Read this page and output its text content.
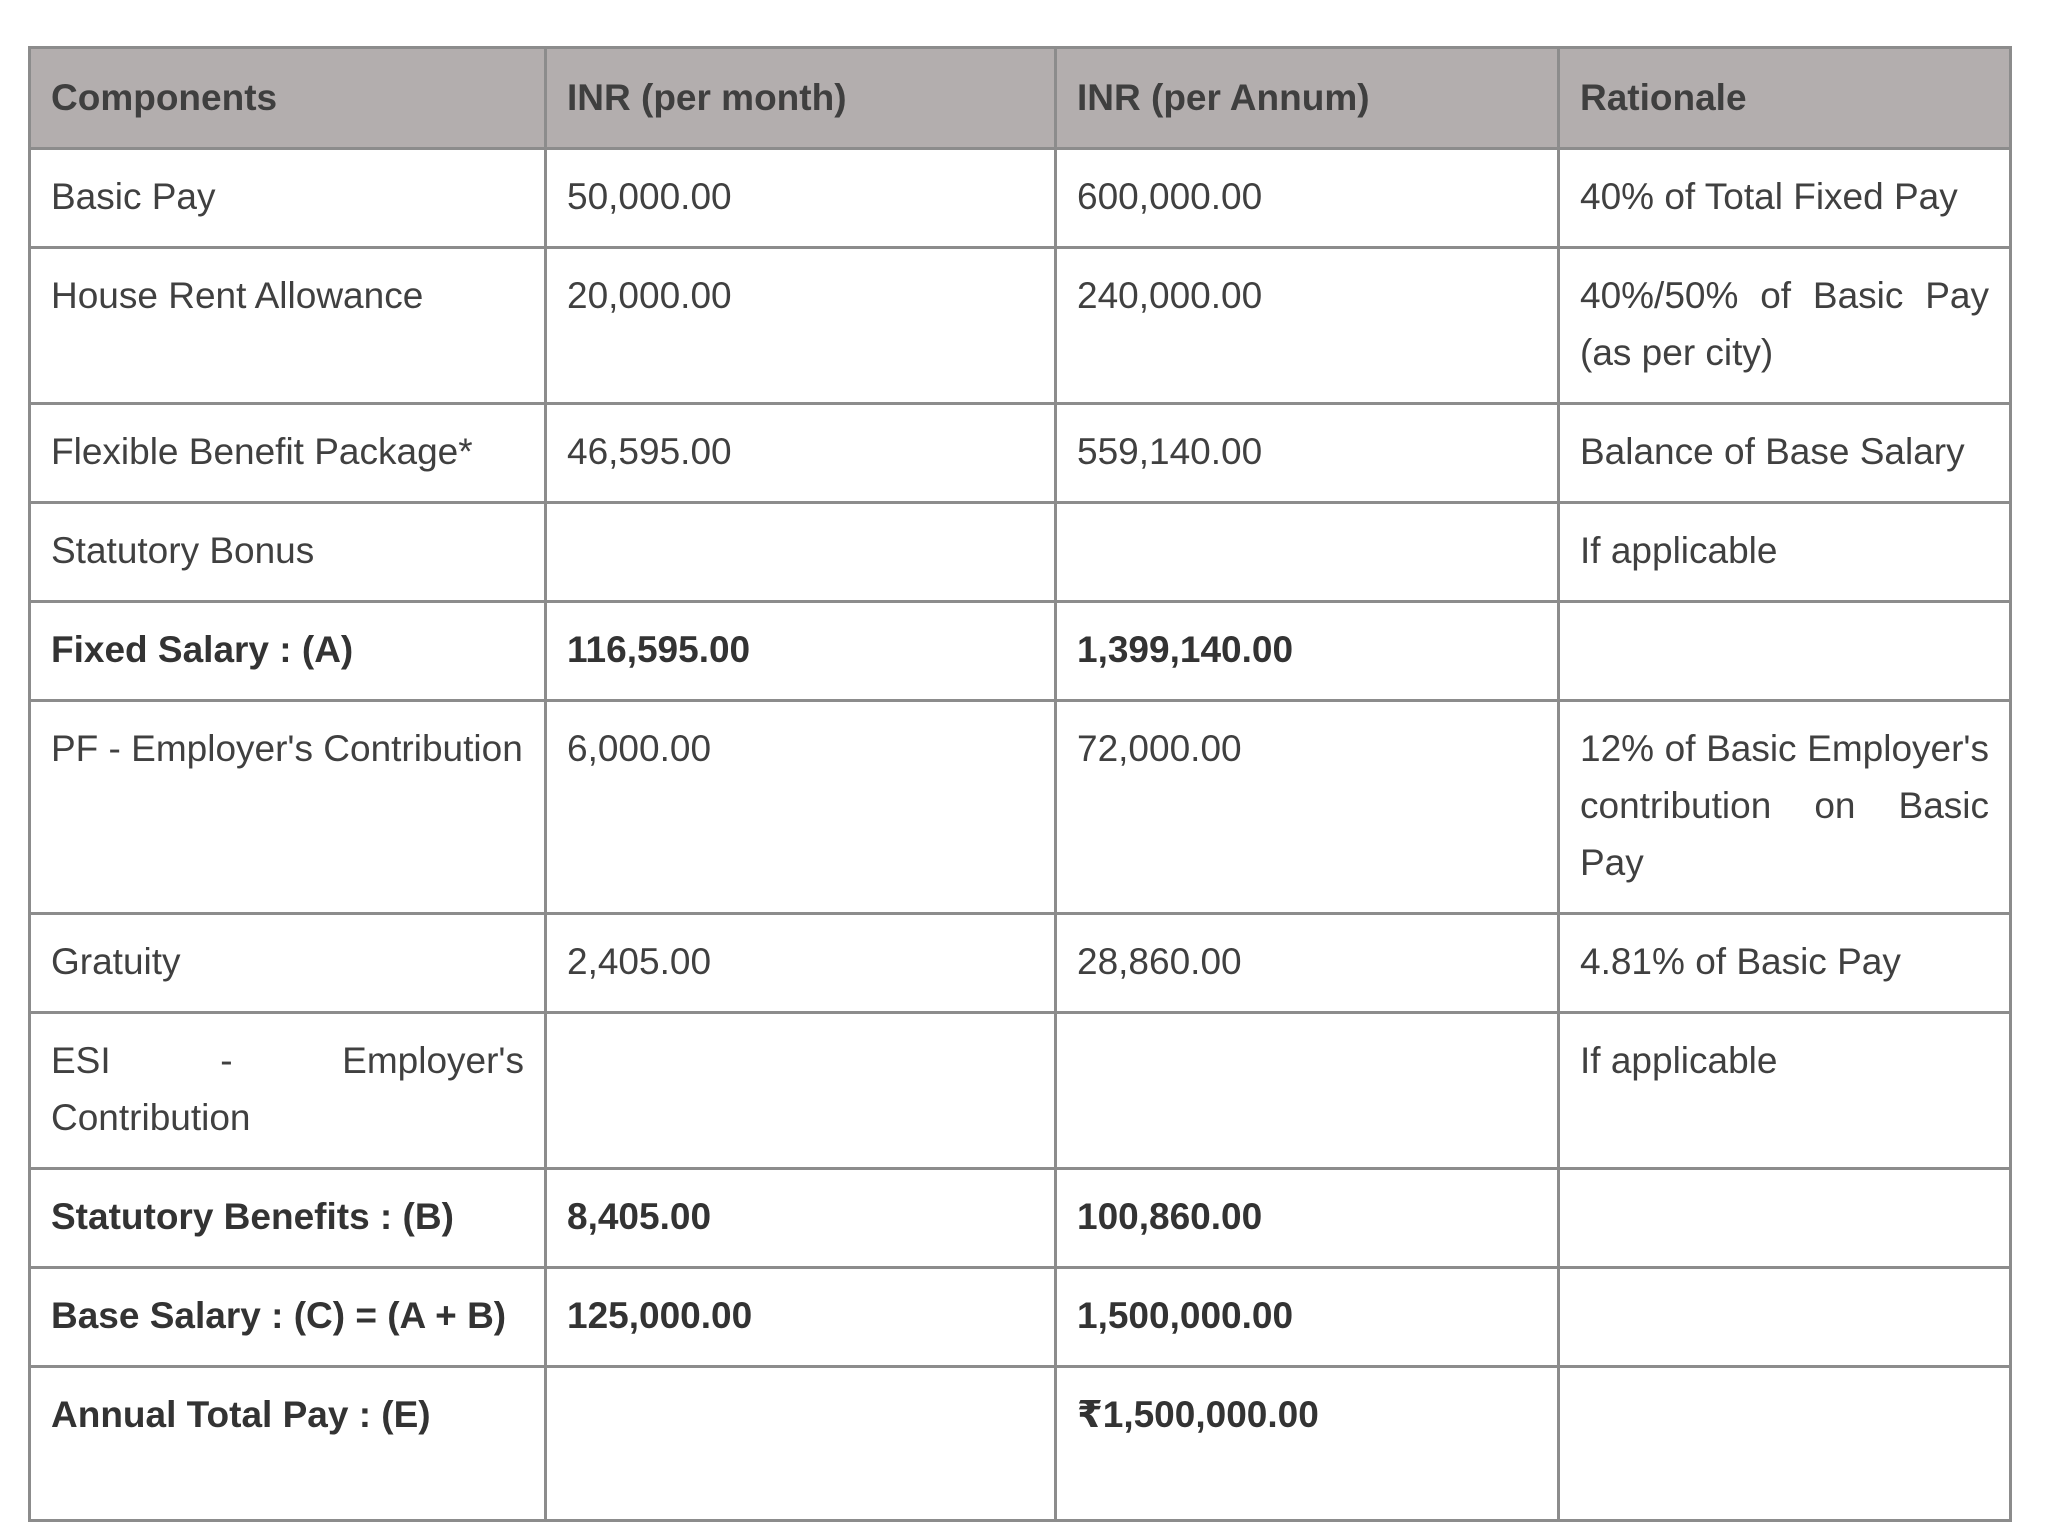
Components	INR (per month)	INR (per Annum)	Rationale
Basic Pay	50,000.00	600,000.00	40% of Total Fixed Pay
House Rent Allowance	20,000.00	240,000.00	40%/50% of Basic Pay (as per city)
Flexible Benefit Package*	46,595.00	559,140.00	Balance of Base Salary
Statutory Bonus			If applicable
Fixed Salary : (A)	116,595.00	1,399,140.00	
PF - Employer's Contribution	6,000.00	72,000.00	12% of Basic Employer's contribution on Basic Pay
Gratuity	2,405.00	28,860.00	4.81% of Basic Pay
ESI - Employer's Contribution			If applicable
Statutory Benefits : (B)	8,405.00	100,860.00	
Base Salary : (C) = (A + B)	125,000.00	1,500,000.00	
Annual Total Pay : (E)		₹1,500,000.00	
